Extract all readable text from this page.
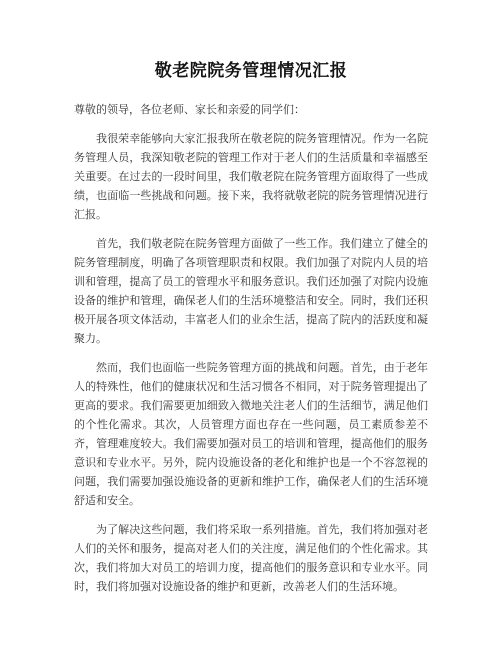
敬老院院务管理情况汇报

尊敬的领导，各位老师、家长和亲爱的同学们：

我很荣幸能够向大家汇报我所在敬老院的院务管理情况。作为一名院务管理人员，我深知敬老院的管理工作对于老人们的生活质量和幸福感至关重要。在过去的一段时间里，我们敬老院在院务管理方面取得了一些成绩，也面临一些挑战和问题。接下来，我将就敬老院的院务管理情况进行汇报。

首先，我们敬老院在院务管理方面做了一些工作。我们建立了健全的院务管理制度，明确了各项管理职责和权限。我们加强了对院内人员的培训和管理，提高了员工的管理水平和服务意识。我们还加强了对院内设施设备的维护和管理，确保老人们的生活环境整洁和安全。同时，我们还积极开展各项文体活动，丰富老人们的业余生活，提高了院内的活跃度和凝聚力。

然而，我们也面临一些院务管理方面的挑战和问题。首先，由于老年人的特殊性，他们的健康状况和生活习惯各不相同，对于院务管理提出了更高的要求。我们需要更加细致入微地关注老人们的生活细节，满足他们的个性化需求。其次，人员管理方面也存在一些问题，员工素质参差不齐，管理难度较大。我们需要加强对员工的培训和管理，提高他们的服务意识和专业水平。另外，院内设施设备的老化和维护也是一个不容忽视的问题，我们需要加强设施设备的更新和维护工作，确保老人们的生活环境舒适和安全。

为了解决这些问题，我们将采取一系列措施。首先，我们将加强对老人们的关怀和服务，提高对老人们的关注度，满足他们的个性化需求。其次，我们将加大对员工的培训力度，提高他们的服务意识和专业水平。同时，我们将加强对设施设备的维护和更新，改善老人们的生活环境。
